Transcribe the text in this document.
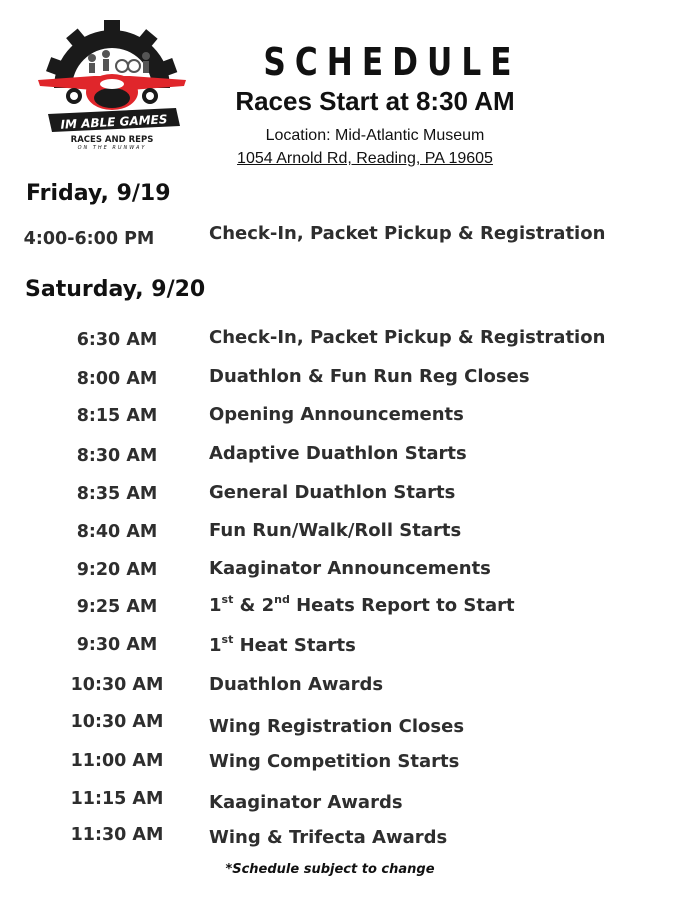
IM ABLE GAMES
RACES AND REPS
ON THE RUNWAY
SCHEDULE
Races Start at 8:30 AM
Location: Mid-Atlantic Museum
1054 Arnold Rd, Reading, PA 19605
Friday, 9/19
4:00-6:00 PM	Check-In, Packet Pickup & Registration
Saturday, 9/20
6:30 AM	Check-In, Packet Pickup & Registration
8:00 AM	Duathlon & Fun Run Reg Closes
8:15 AM	Opening Announcements
8:30 AM	Adaptive Duathlon Starts
8:35 AM	General Duathlon Starts
8:40 AM	Fun Run/Walk/Roll Starts
9:20 AM	Kaaginator Announcements
9:25 AM	1st & 2nd Heats Report to Start
9:30 AM	1st Heat Starts
10:30 AM	Duathlon Awards
10:30 AM	Wing Registration Closes
11:00 AM	Wing Competition Starts
11:15 AM	Kaaginator Awards
11:30 AM	Wing & Trifecta Awards
*Schedule subject to change
